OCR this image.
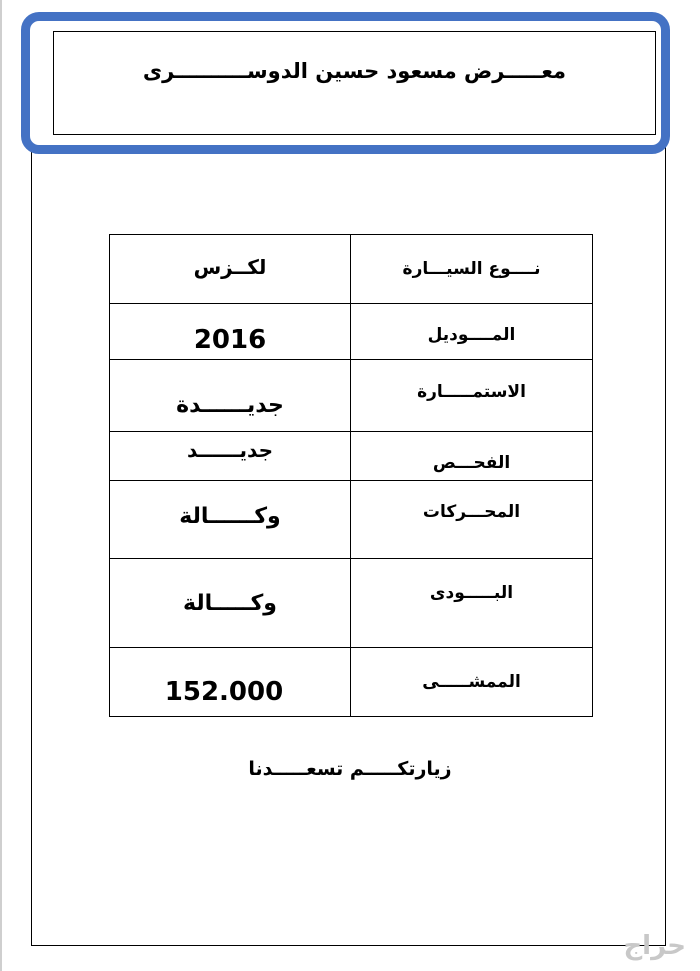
معـــــرض مسعود حسين الدوســــــــــرى
لكــزس	نــــوع السيـــارة
2016	المــــوديل
جديــــــدة	الاستمـــــارة
جديــــــد	الفحـــص
وكــــــالة	المحـــركات
وكـــــالة	البـــــودى
152.000	الممشـــــى
زيارتكـــــم تسعـــــدنا
حراج
